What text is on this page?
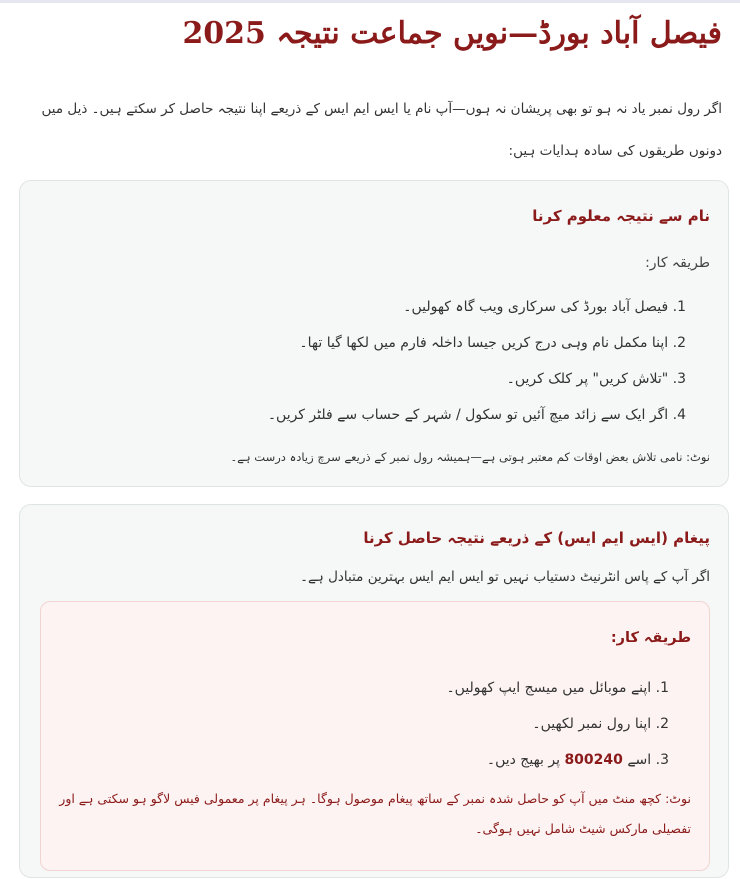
فیصل آباد بورڈ—نویں جماعت نتیجہ 2025

اگر رول نمبر یاد نہ ہو تو بھی پریشان نہ ہوں—آپ نام یا ایس ایم ایس کے ذریعے اپنا نتیجہ حاصل کر سکتے ہیں۔ ذیل میں دونوں طریقوں کی سادہ ہدایات ہیں:

نام سے نتیجہ معلوم کرنا

طریقہ کار:

1. فیصل آباد بورڈ کی سرکاری ویب گاہ کھولیں۔
2. اپنا مکمل نام وہی درج کریں جیسا داخلہ فارم میں لکھا گیا تھا۔
3. "تلاش کریں" پر کلک کریں۔
4. اگر ایک سے زائد میچ آئیں تو سکول / شہر کے حساب سے فلٹر کریں۔

نوٹ: نامی تلاش بعض اوقات کم معتبر ہوتی ہے—ہمیشہ رول نمبر کے ذریعے سرچ زیادہ درست ہے۔

پیغام (ایس ایم ایس) کے ذریعے نتیجہ حاصل کرنا

اگر آپ کے پاس انٹرنیٹ دستیاب نہیں تو ایس ایم ایس بہترین متبادل ہے۔

طریقہ کار:

1. اپنے موبائل میں میسج ایپ کھولیں۔
2. اپنا رول نمبر لکھیں۔
3. اسے 800240 پر بھیج دیں۔

نوٹ: کچھ منٹ میں آپ کو حاصل شدہ نمبر کے ساتھ پیغام موصول ہوگا۔ ہر پیغام پر معمولی فیس لاگو ہو سکتی ہے اور تفصیلی مارکس شیٹ شامل نہیں ہوگی۔
